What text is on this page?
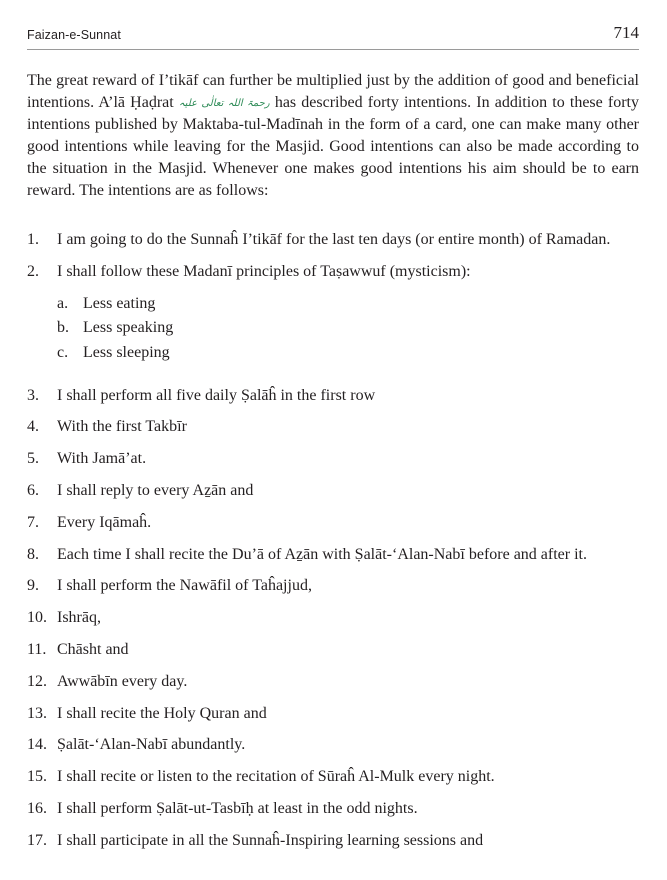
Faizan-e-Sunnat	714

The great reward of I’tikāf can further be multiplied just by the addition of good and beneficial intentions. A’lā Ḥaḍrat رحمۃ اللہ تعالٰی علیہ has described forty intentions. In addition to these forty intentions published by Maktaba-tul-Madīnah in the form of a card, one can make many other good intentions while leaving for the Masjid. Good intentions can also be made according to the situation in the Masjid. Whenever one makes good intentions his aim should be to earn reward. The intentions are as follows:

1.	I am going to do the Sunnaĥ I’tikāf for the last ten days (or entire month) of Ramadan.
2.	I shall follow these Madanī principles of Taṣawwuf (mysticism):
a. Less eating
b. Less speaking
c. Less sleeping
3.	I shall perform all five daily Ṣalāĥ in the first row
4.	With the first Takbīr
5.	With Jamā’at.
6.	I shall reply to every Aẕān and
7.	Every Iqāmaĥ.
8.	Each time I shall recite the Du’ā of Aẕān with Ṣalāt-‘Alan-Nabī before and after it.
9.	I shall perform the Nawāfil of Taĥajjud,
10. Ishrāq,
11. Chāsht and
12. Awwābīn every day.
13. I shall recite the Holy Quran and
14. Ṣalāt-‘Alan-Nabī abundantly.
15. I shall recite or listen to the recitation of Sūraĥ Al-Mulk every night.
16. I shall perform Ṣalāt-ut-Tasbīḥ at least in the odd nights.
17. I shall participate in all the Sunnaĥ-Inspiring learning sessions and
